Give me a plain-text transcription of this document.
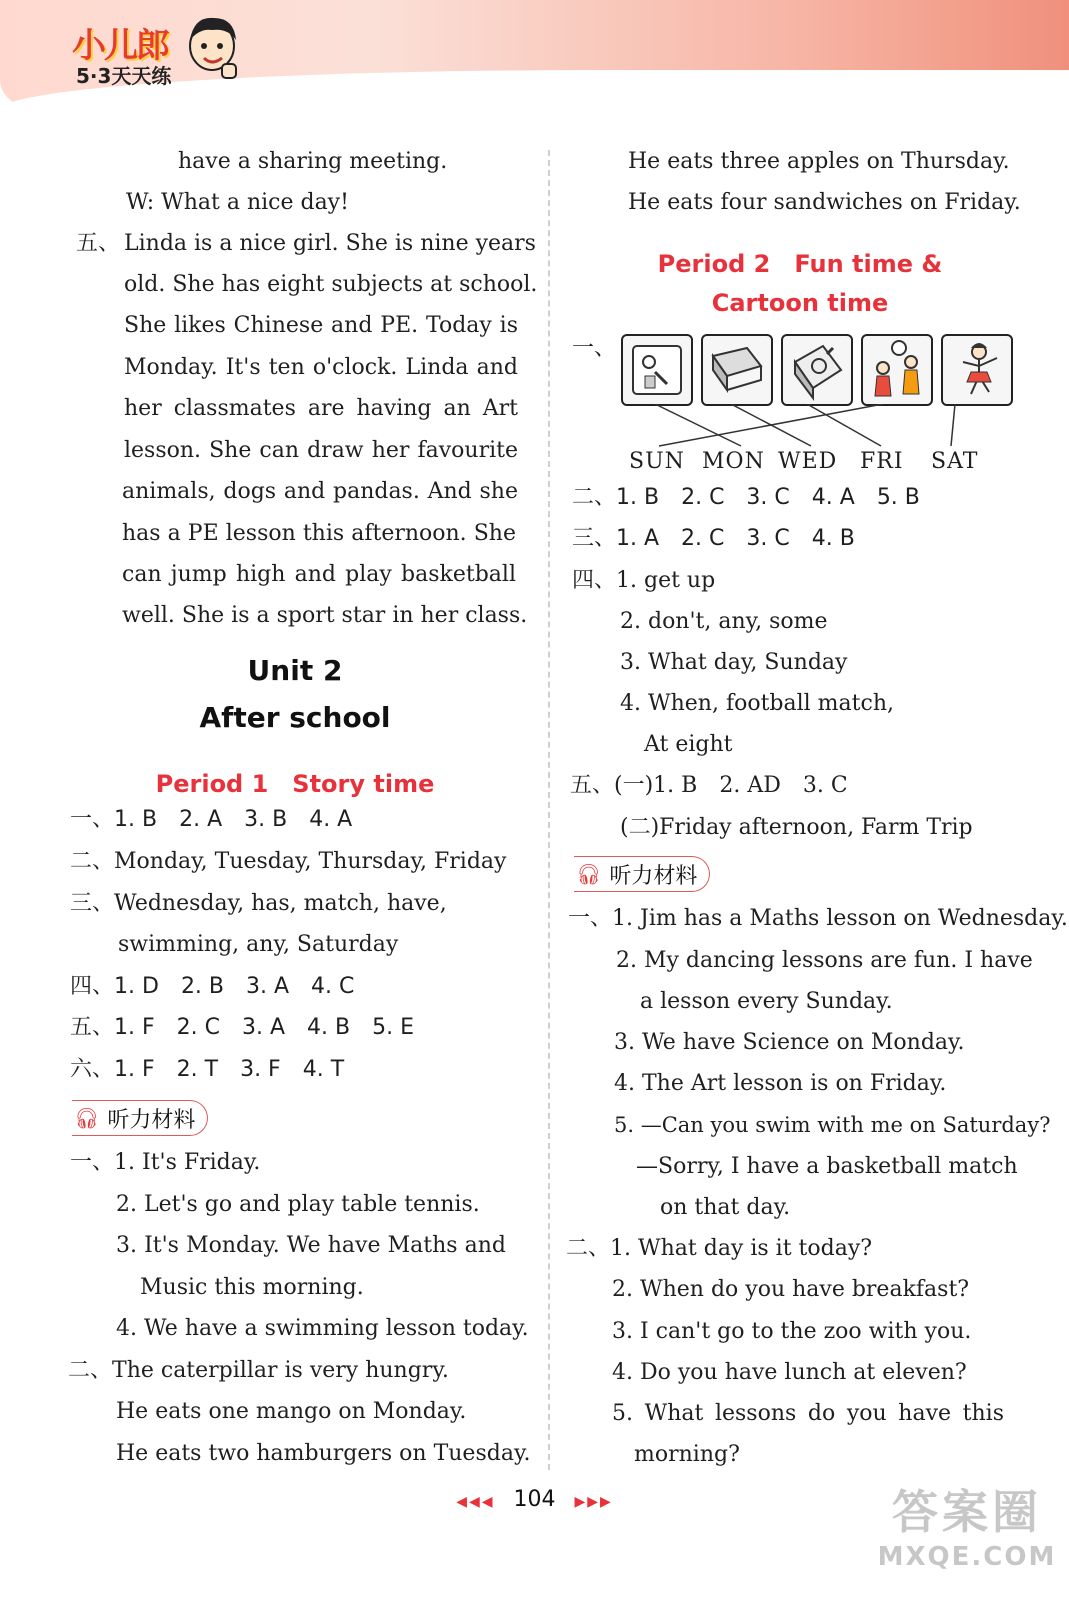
小儿郎
5·3天天练
have a sharing meeting.
W: What a nice day!
五、 Linda is a nice girl. She is nine years
old. She has eight subjects at school.
She likes Chinese and PE. Today is
Monday. It's ten o'clock. Linda and
her classmates are having an Art
lesson. She can draw her favourite
animals, dogs and pandas. And she
has a PE lesson this afternoon. She
can jump high and play basketball
well. She is a sport star in her class.
Unit 2
After school
Period 1　Story time
一、1. B　2. A　3. B　4. A
二、Monday, Tuesday, Thursday, Friday
三、Wednesday, has, match, have,
swimming, any, Saturday
四、1. D　2. B　3. A　4. C
五、1. F　2. C　3. A　4. B　5. E
六、1. F　2. T　3. F　4. T
🎧︎ 听力材料
一、1. It's Friday.
2. Let's go and play table tennis.
3. It's Monday. We have Maths and
Music this morning.
4. We have a swimming lesson today.
二、The caterpillar is very hungry.
He eats one mango on Monday.
He eats two hamburgers on Tuesday.
He eats three apples on Thursday.
He eats four sandwiches on Friday.
Period 2　Fun time &
Cartoon time
一、
SUN MON WED FRI SAT
二、1. B　2. C　3. C　4. A　5. B
三、1. A　2. C　3. C　4. B
四、1. get up
2. don't, any, some
3. What day, Sunday
4. When, football match,
At eight
五、(一)1. B　2. AD　3. C
(二)Friday afternoon, Farm Trip
🎧︎ 听力材料
一、1. Jim has a Maths lesson on Wednesday.
2. My dancing lessons are fun. I have
a lesson every Sunday.
3. We have Science on Monday.
4. The Art lesson is on Friday.
5. —Can you swim with me on Saturday?
—Sorry, I have a basketball match
on that day.
二、1. What day is it today?
2. When do you have breakfast?
3. I can't go to the zoo with you.
4. Do you have lunch at eleven?
5. What lessons do you have this
morning?
◀◀◀ 104 ▶▶▶	答案圈
MXQE.COM
